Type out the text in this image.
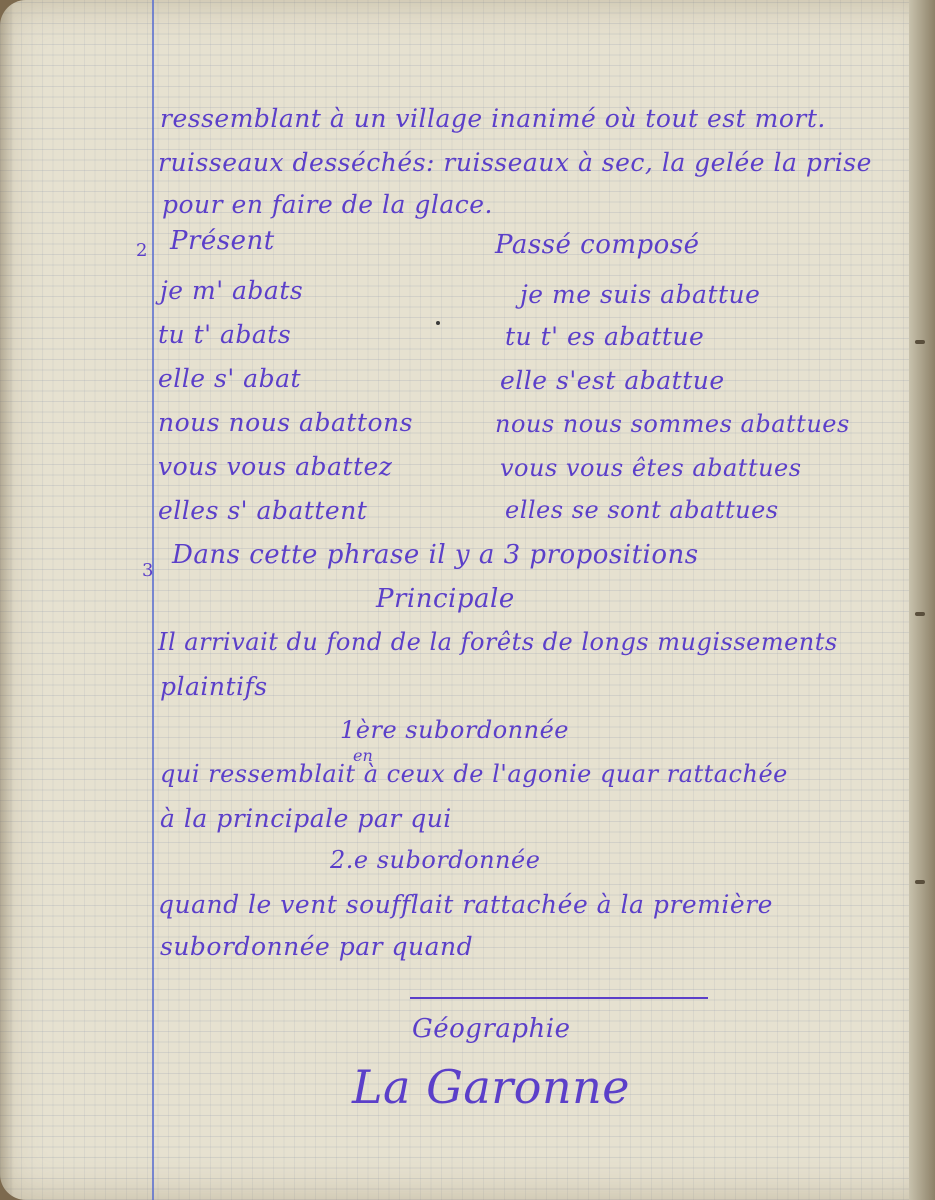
ressemblant à un village inanimé où tout est mort.
ruisseaux desséchés: ruisseaux à sec, la gelée la prise
pour en faire de la glace.
2 Présent	Passé composé
je m' abats
tu t' abats
elle s' abat
nous nous abattons
vous vous abattez
elles s' abattent
je me suis abattue
tu t' es abattue
elle s'est abattue
nous nous sommes abattues
vous vous êtes abattues
elles se sont abattues
3
Dans cette phrase il y a 3 propositions
Principale
Il arrivait du fond de la forêts de longs mugissements
plaintifs
1ère subordonnée
en
qui ressemblait à ceux de l'agonie quar rattachée
à la principale par qui
2.e subordonnée
quand le vent soufflait rattachée à la première
subordonnée par quand
Géographie
La Garonne
